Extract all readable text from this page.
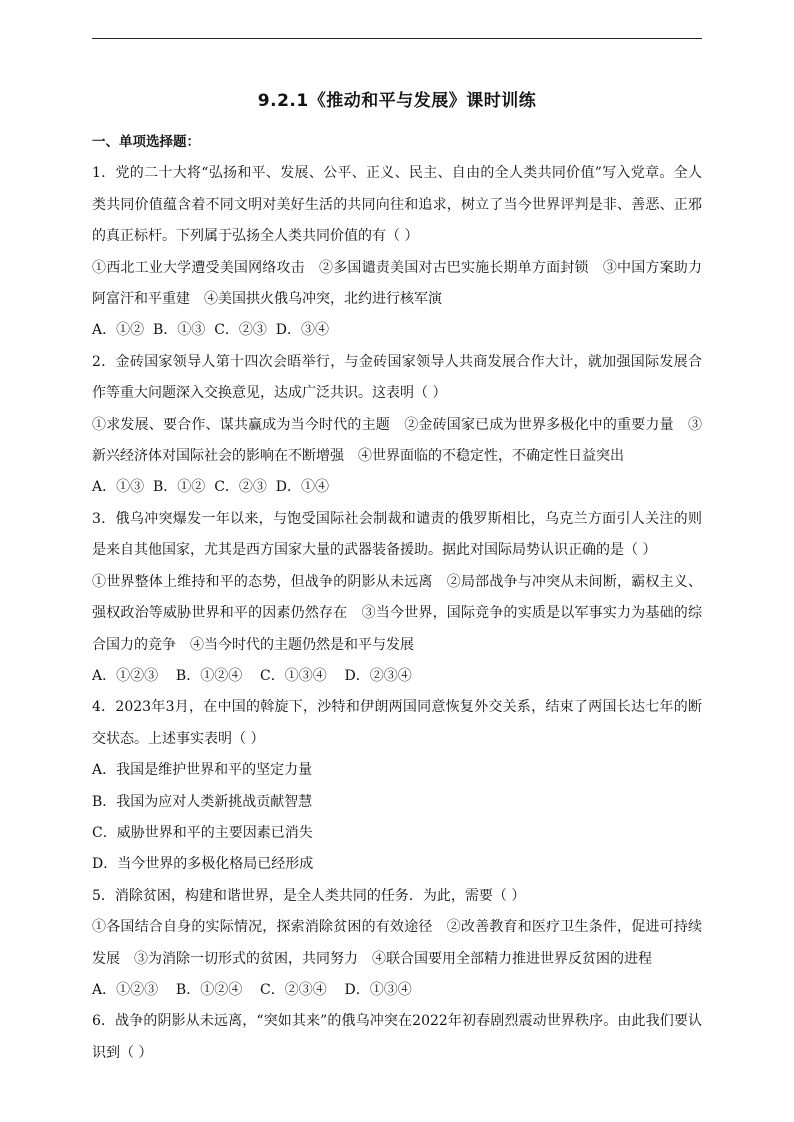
9.2.1《推动和平与发展》课时训练
一、单项选择题：

1．党的二十大将“弘扬和平、发展、公平、正义、民主、自由的全人类共同价值”写入党章。全人类共同价值蕴含着不同文明对美好生活的共同向往和追求，树立了当今世界评判是非、善恶、正邪的真正标杆。下列属于弘扬全人类共同价值的有（ ）

①西北工业大学遭受美国网络攻击　②多国谴责美国对古巴实施长期单方面封锁　③中国方案助力阿富汗和平重建　④美国拱火俄乌冲突，北约进行核军演

A．①②  B．①③  C．②③  D．③④

2．金砖国家领导人第十四次会晤举行，与金砖国家领导人共商发展合作大计，就加强国际发展合作等重大问题深入交换意见，达成广泛共识。这表明（ ）

①求发展、要合作、谋共赢成为当今时代的主题　②金砖国家已成为世界多极化中的重要力量　③新兴经济体对国际社会的影响在不断增强　④世界面临的不稳定性，不确定性日益突出

A．①③  B．①②  C．②③  D．①④

3．俄乌冲突爆发一年以来，与饱受国际社会制裁和谴责的俄罗斯相比，乌克兰方面引人关注的则是来自其他国家，尤其是西方国家大量的武器装备援助。据此对国际局势认识正确的是（ ）

①世界整体上维持和平的态势，但战争的阴影从未远离　②局部战争与冲突从未间断，霸权主义、强权政治等威胁世界和平的因素仍然存在　③当今世界，国际竞争的实质是以军事实力为基础的综合国力的竞争　④当今时代的主题仍然是和平与发展

A．①②③    B．①②④    C．①③④    D．②③④

4．2023年3月，在中国的斡旋下，沙特和伊朗两国同意恢复外交关系，结束了两国长达七年的断交状态。上述事实表明（ ）

A．我国是维护世界和平的坚定力量
B．我国为应对人类新挑战贡献智慧
C．威胁世界和平的主要因素已消失
D．当今世界的多极化格局已经形成

5．消除贫困，构建和谐世界，是全人类共同的任务．为此，需要（ ）

①各国结合自身的实际情况，探索消除贫困的有效途径　②改善教育和医疗卫生条件，促进可持续发展　③为消除一切形式的贫困，共同努力　④联合国要用全部精力推进世界反贫困的进程

A．①②③    B．①②④    C．②③④    D．①③④

6．战争的阴影从未远离，“突如其来”的俄乌冲突在2022年初春剧烈震动世界秩序。由此我们要认识到（ ）
